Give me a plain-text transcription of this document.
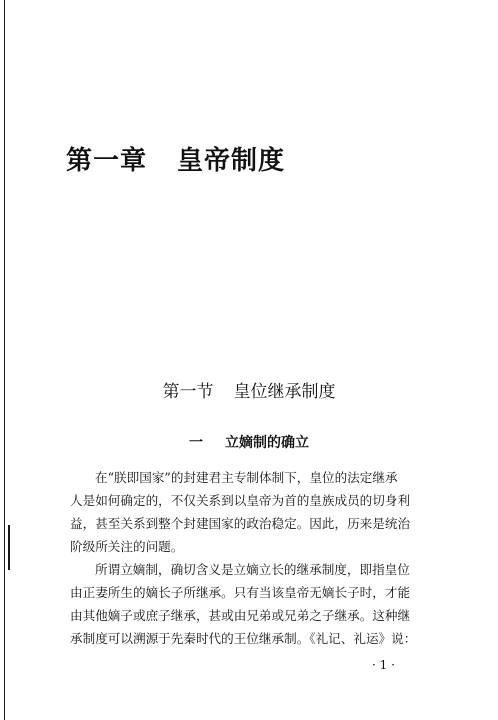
第一章 皇帝制度
第一节 皇位继承制度
一 立嫡制的确立
在“朕即国家”的封建君主专制体制下，皇位的法定继承
人是如何确定的，不仅关系到以皇帝为首的皇族成员的切身利
益，甚至关系到整个封建国家的政治稳定。因此，历来是统治
阶级所关注的问题。
所谓立嫡制，确切含义是立嫡立长的继承制度，即指皇位
由正妻所生的嫡长子所继承。只有当该皇帝无嫡长子时，才能
由其他嫡子或庶子继承，甚或由兄弟或兄弟之子继承。这种继
承制度可以溯源于先秦时代的王位继承制。《礼记、礼运》说：
· 1 ·
